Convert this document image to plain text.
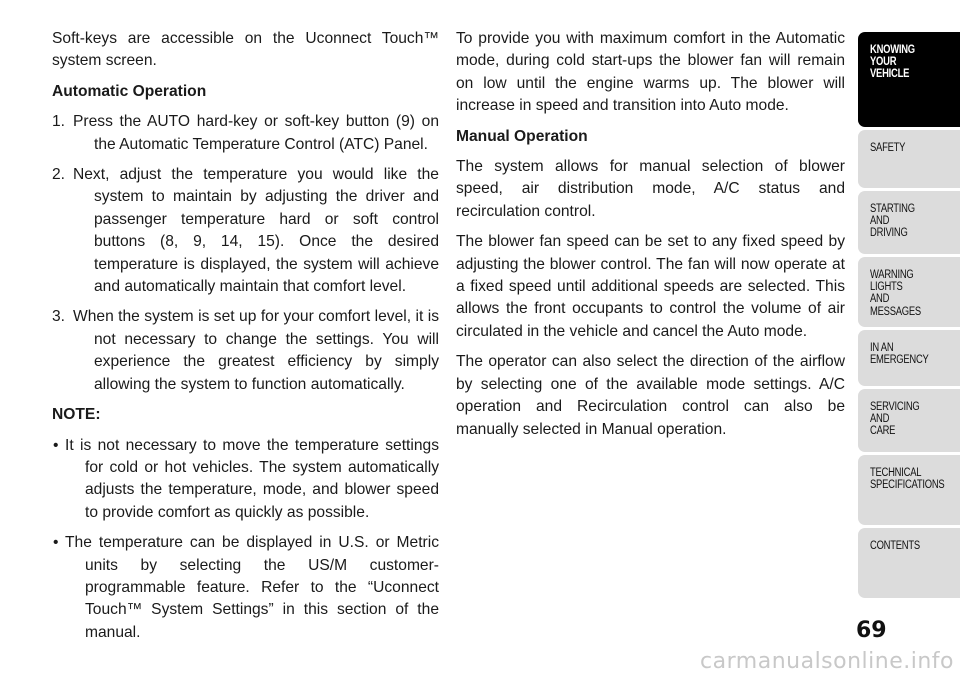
Soft-keys are accessible on the Uconnect Touch™ system screen.

Automatic Operation

1. Press the AUTO hard-key or soft-key button (9) on the Automatic Temperature Control (ATC) Panel.
2. Next, adjust the temperature you would like the system to maintain by adjusting the driver and passenger temperature hard or soft control buttons (8, 9, 14, 15). Once the desired temperature is displayed, the system will achieve and automatically maintain that comfort level.
3. When the system is set up for your comfort level, it is not necessary to change the settings. You will experience the greatest efficiency by simply allowing the system to function automatically.

NOTE:

• It is not necessary to move the temperature settings for cold or hot vehicles. The system automatically adjusts the temperature, mode, and blower speed to provide comfort as quickly as possible.
• The temperature can be displayed in U.S. or Metric units by selecting the US/M customer-programmable feature. Refer to the “Uconnect Touch™ System Settings” in this section of the manual.

To provide you with maximum comfort in the Automatic mode, during cold start-ups the blower fan will remain on low until the engine warms up. The blower will increase in speed and transition into Auto mode.

Manual Operation

The system allows for manual selection of blower speed, air distribution mode, A/C status and recirculation control.

The blower fan speed can be set to any fixed speed by adjusting the blower control. The fan will now operate at a fixed speed until additional speeds are selected. This allows the front occupants to control the volume of air circulated in the vehicle and cancel the Auto mode.

The operator can also select the direction of the airflow by selecting one of the available mode settings. A/C operation and Recirculation control can also be manually selected in Manual operation.

KNOWING
YOUR
VEHICLE
SAFETY
STARTING
AND
DRIVING
WARNING
LIGHTS
AND
MESSAGES
IN AN
EMERGENCY
SERVICING
AND
CARE
TECHNICAL
SPECIFICATIONS
CONTENTS
69
carmanualsonline.info
